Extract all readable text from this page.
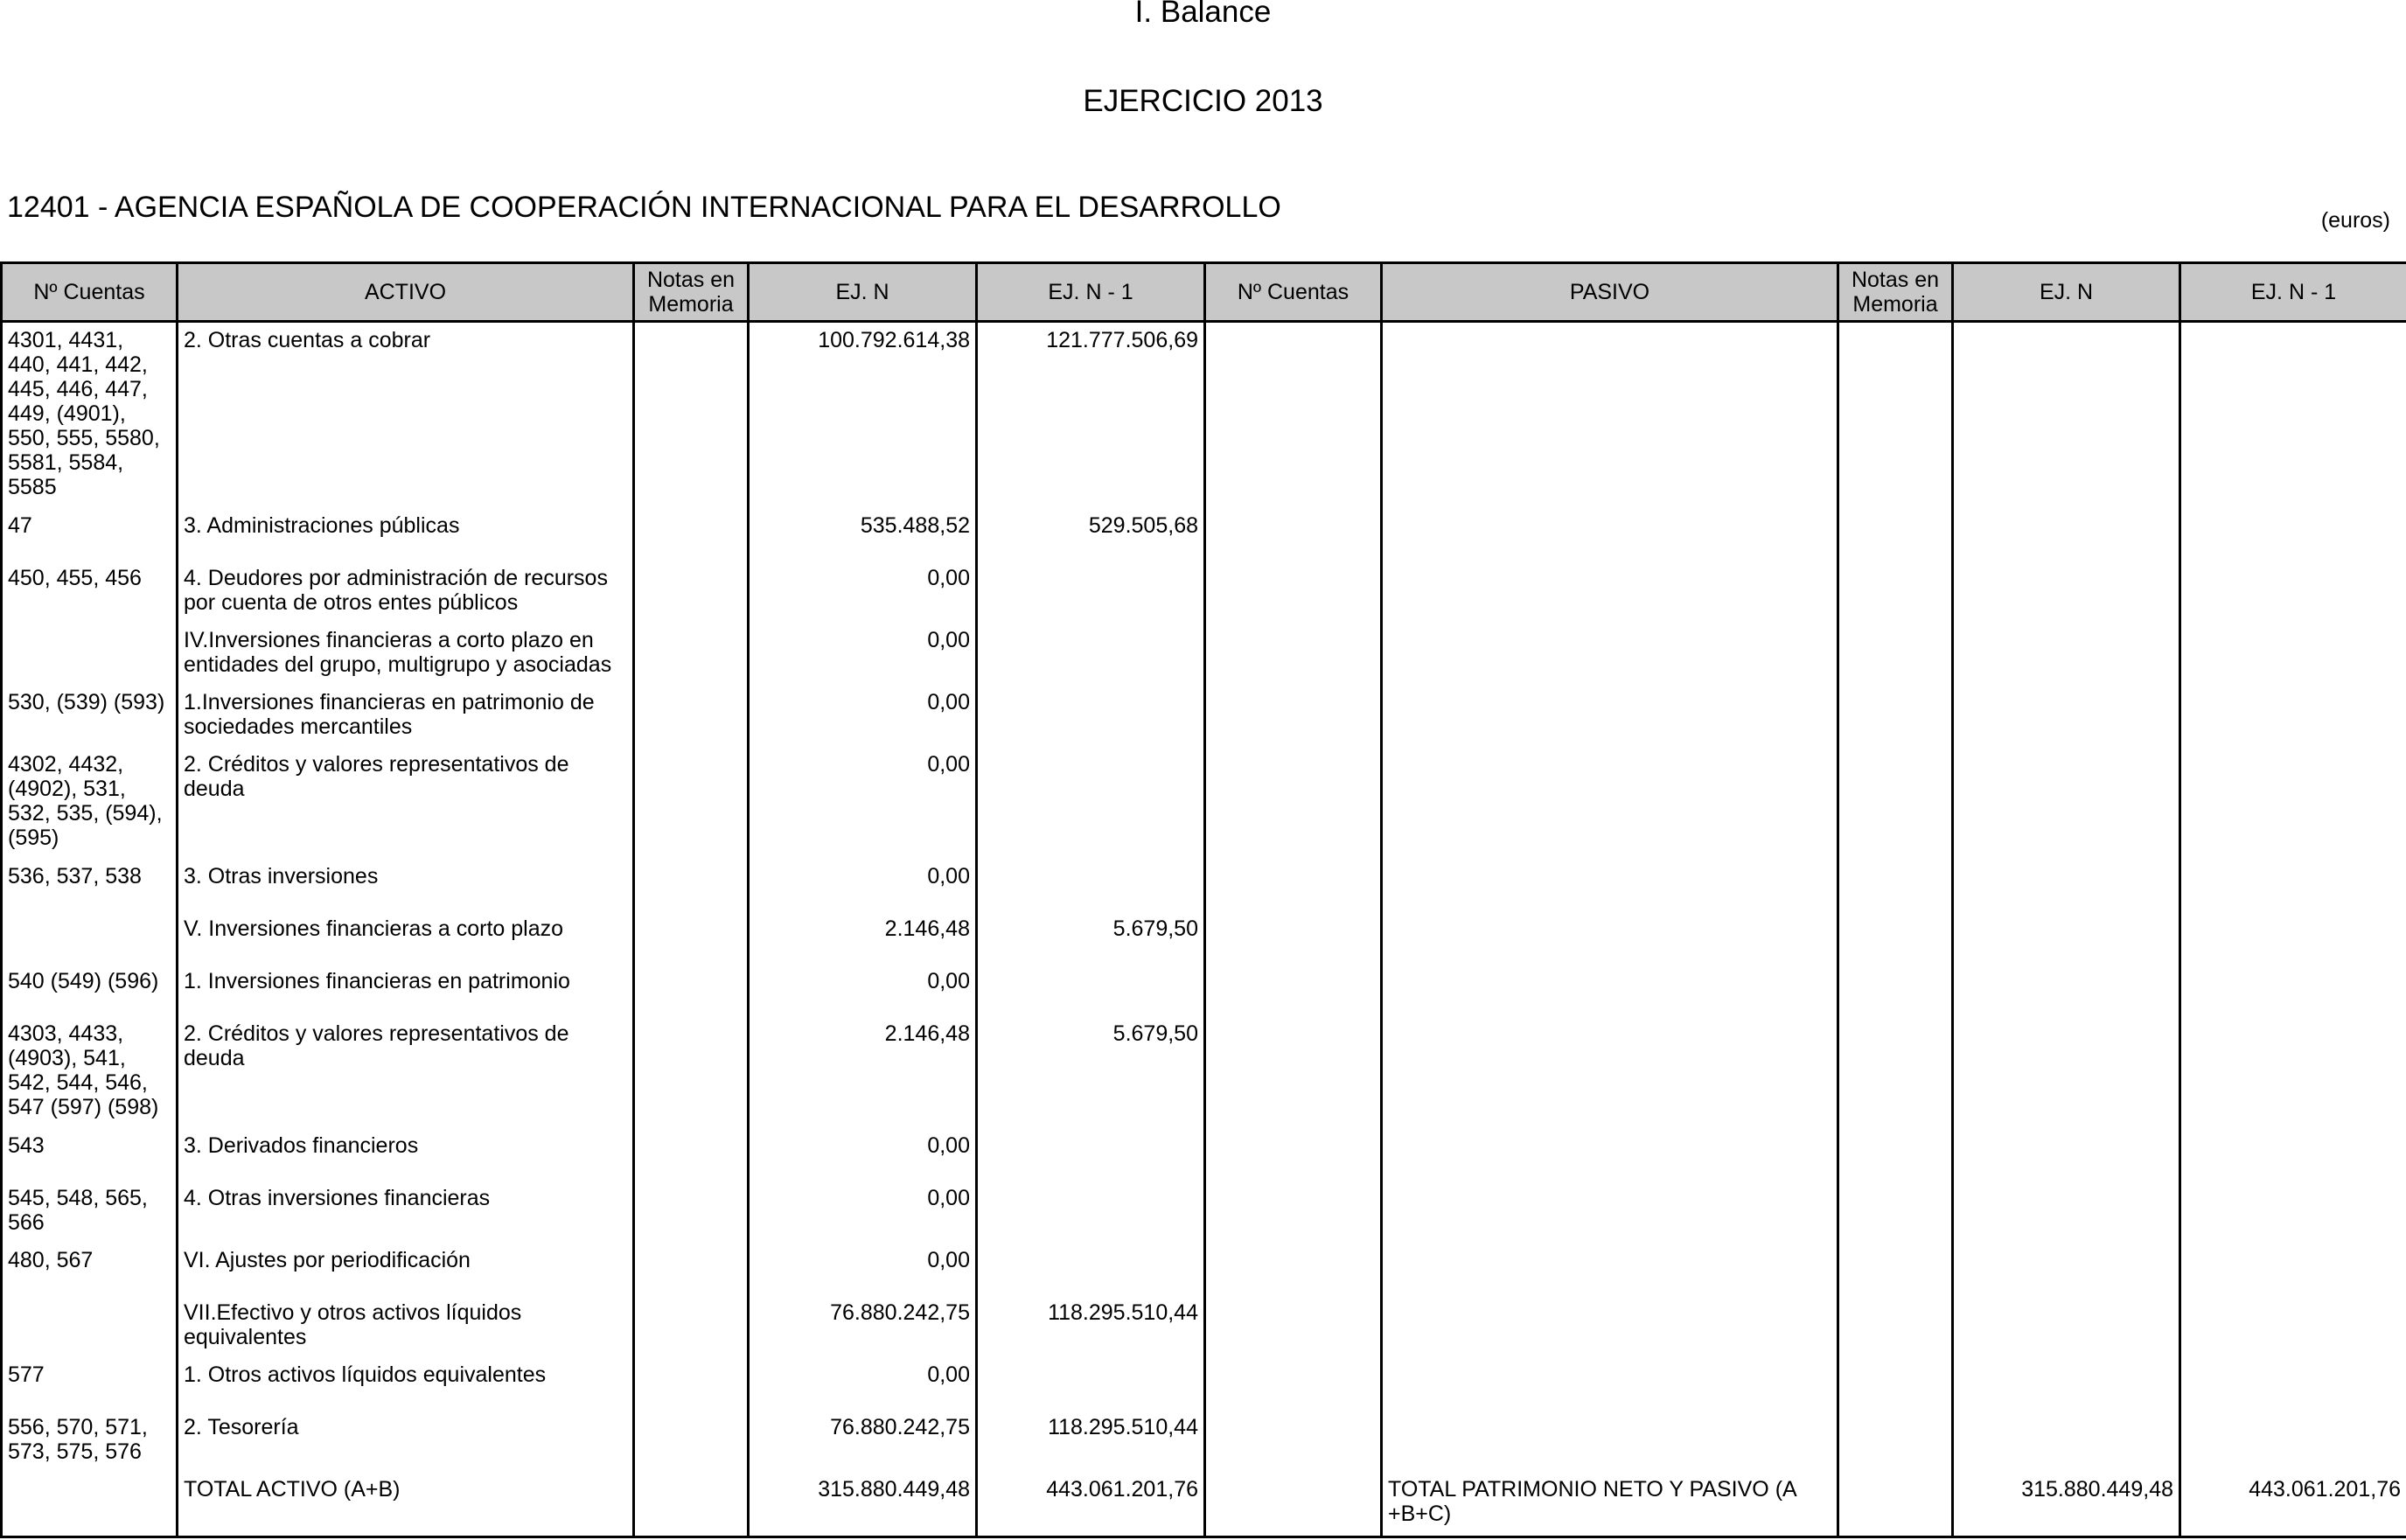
I. Balance
EJERCICIO 2013
12401 - AGENCIA ESPAÑOLA DE COOPERACIÓN INTERNACIONAL PARA EL DESARROLLO	(euros)
Nº Cuentas	ACTIVO	Notas en Memoria	EJ. N	EJ. N - 1	Nº Cuentas	PASIVO	Notas en Memoria	EJ. N	EJ. N - 1
4301, 4431, 440, 441, 442, 445, 446, 447, 449, (4901), 550, 555, 5580, 5581, 5584, 5585	2. Otras cuentas a cobrar		100.792.614,38	121.777.506,69					
47	3. Administraciones públicas		535.488,52	529.505,68					
450, 455, 456	4. Deudores por administración de recursos por cuenta de otros entes públicos		0,00						
	IV.Inversiones financieras a corto plazo en entidades del grupo, multigrupo y asociadas		0,00						
530, (539) (593)	1.Inversiones financieras en patrimonio de sociedades mercantiles		0,00						
4302, 4432, (4902), 531, 532, 535, (594), (595)	2. Créditos y valores representativos de deuda		0,00						
536, 537, 538	3. Otras inversiones		0,00						
	V. Inversiones financieras a corto plazo		2.146,48	5.679,50					
540 (549) (596)	1. Inversiones financieras en patrimonio		0,00						
4303, 4433, (4903), 541, 542, 544, 546, 547 (597) (598)	2. Créditos y valores representativos de deuda		2.146,48	5.679,50					
543	3. Derivados financieros		0,00						
545, 548, 565, 566	4. Otras inversiones financieras		0,00						
480, 567	VI. Ajustes por periodificación		0,00						
	VII.Efectivo y otros activos líquidos equivalentes		76.880.242,75	118.295.510,44					
577	1. Otros activos líquidos equivalentes		0,00						
556, 570, 571, 573, 575, 576	2. Tesorería		76.880.242,75	118.295.510,44					
	TOTAL ACTIVO (A+B)		315.880.449,48	443.061.201,76		TOTAL PATRIMONIO NETO Y PASIVO (A +B+C)		315.880.449,48	443.061.201,76
